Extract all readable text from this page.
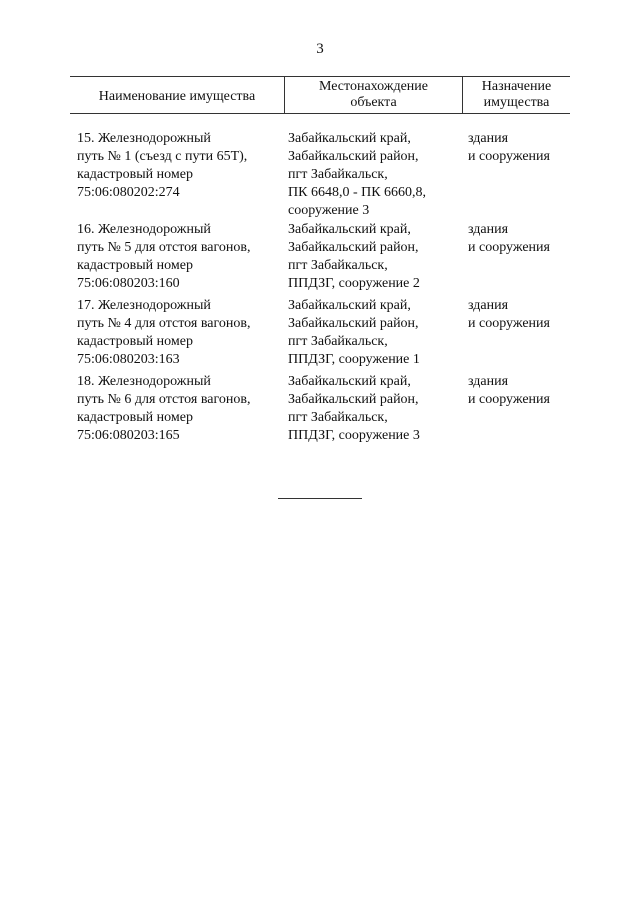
3
Наименование имущества
Местонахождение
объекта
Назначение
имущества
15. Железнодорожный
путь № 1 (съезд с пути 65Т),
кадастровый номер
75:06:080202:274
Забайкальский край,
Забайкальский район,
пгт Забайкальск,
ПК 6648,0 - ПК 6660,8,
сооружение 3
здания
и сооружения
16. Железнодорожный
путь № 5 для отстоя вагонов,
кадастровый номер
75:06:080203:160
Забайкальский край,
Забайкальский район,
пгт Забайкальск,
ППДЗГ, сооружение 2
здания
и сооружения
17. Железнодорожный
путь № 4 для отстоя вагонов,
кадастровый номер
75:06:080203:163
Забайкальский край,
Забайкальский район,
пгт Забайкальск,
ППДЗГ, сооружение 1
здания
и сооружения
18. Железнодорожный
путь № 6 для отстоя вагонов,
кадастровый номер
75:06:080203:165
Забайкальский край,
Забайкальский район,
пгт Забайкальск,
ППДЗГ, сооружение 3
здания
и сооружения
